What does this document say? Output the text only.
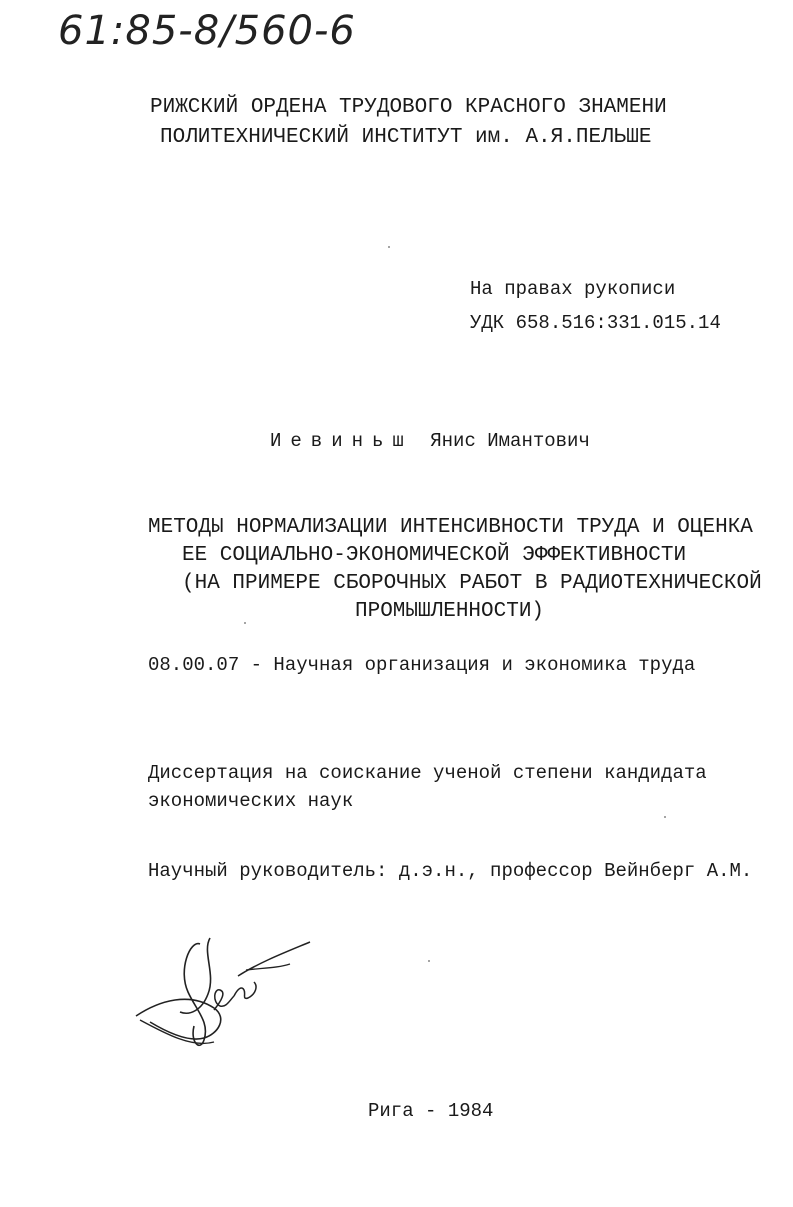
61:85-8/560-6
РИЖСКИЙ ОРДЕНА ТРУДОВОГО КРАСНОГО ЗНАМЕНИ
ПОЛИТЕХНИЧЕСКИЙ ИНСТИТУТ им. А.Я.ПЕЛЬШЕ
На правах рукописи
УДК 658.516:331.015.14
Иевиньш Янис Имантович
МЕТОДЫ НОРМАЛИЗАЦИИ ИНТЕНСИВНОСТИ ТРУДА И ОЦЕНКА
ЕЕ СОЦИАЛЬНО-ЭКОНОМИЧЕСКОЙ ЭФФЕКТИВНОСТИ
(НА ПРИМЕРЕ СБОРОЧНЫХ РАБОТ В РАДИОТЕХНИЧЕСКОЙ
ПРОМЫШЛЕННОСТИ)
08.00.07 - Научная организация и экономика труда
Диссертация на соискание ученой степени кандидата
экономических наук
Научный руководитель: д.э.н., профессор Вейнберг А.М.
Рига - 1984
